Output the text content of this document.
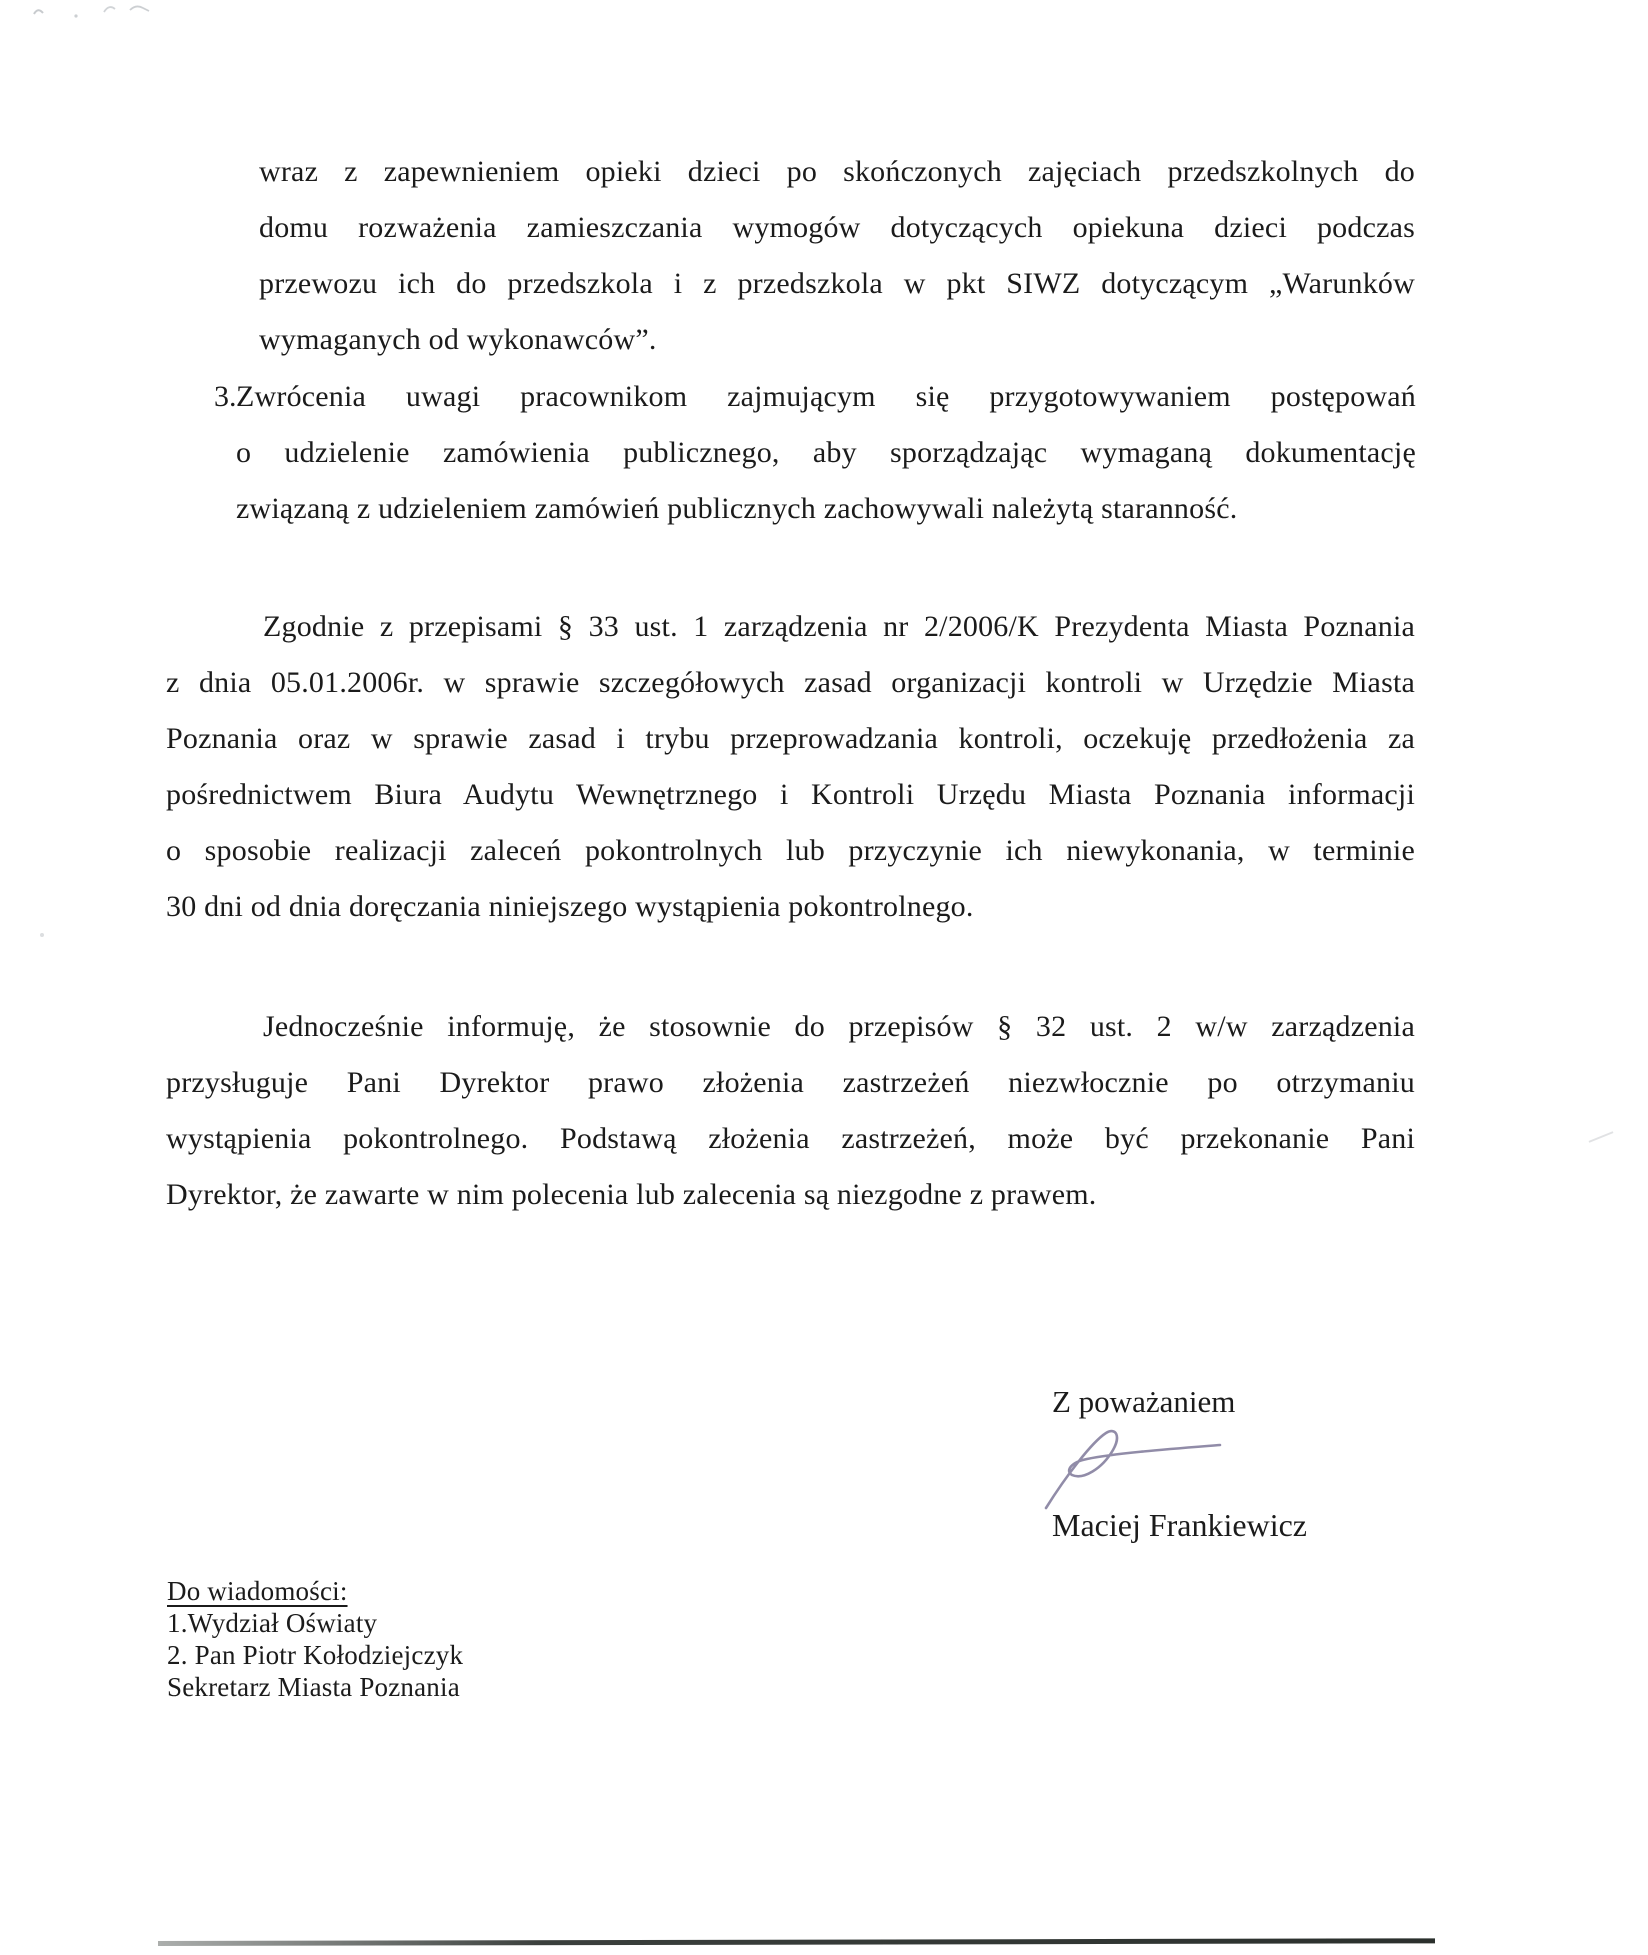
wraz z zapewnieniem opieki dzieci po skończonych zajęciach przedszkolnych do
domu rozważenia zamieszczania wymogów dotyczących opiekuna dzieci podczas
przewozu ich do przedszkola i z przedszkola w pkt SIWZ dotyczącym „Warunków
wymaganych od wykonawców”.
3. Zwrócenia uwagi pracownikom zajmującym się przygotowywaniem postępowań
o udzielenie zamówienia publicznego, aby sporządzając wymaganą dokumentację
związaną z udzieleniem zamówień publicznych zachowywali należytą staranność.
Zgodnie z przepisami § 33 ust. 1 zarządzenia nr 2/2006/K Prezydenta Miasta Poznania
z dnia 05.01.2006r. w sprawie szczegółowych zasad organizacji kontroli w Urzędzie Miasta
Poznania oraz w sprawie zasad i trybu przeprowadzania kontroli, oczekuję przedłożenia za
pośrednictwem Biura Audytu Wewnętrznego i Kontroli Urzędu Miasta Poznania informacji
o sposobie realizacji zaleceń pokontrolnych lub przyczynie ich niewykonania, w terminie
30 dni od dnia doręczania niniejszego wystąpienia pokontrolnego.
Jednocześnie informuję, że stosownie do przepisów § 32 ust. 2 w/w zarządzenia
przysługuje Pani Dyrektor prawo złożenia zastrzeżeń niezwłocznie po otrzymaniu
wystąpienia pokontrolnego. Podstawą złożenia zastrzeżeń, może być przekonanie Pani
Dyrektor, że zawarte w nim polecenia lub zalecenia są niezgodne z prawem.
Z poważaniem
Maciej Frankiewicz
Do wiadomości:
1.Wydział Oświaty
2. Pan Piotr Kołodziejczyk
Sekretarz Miasta Poznania
